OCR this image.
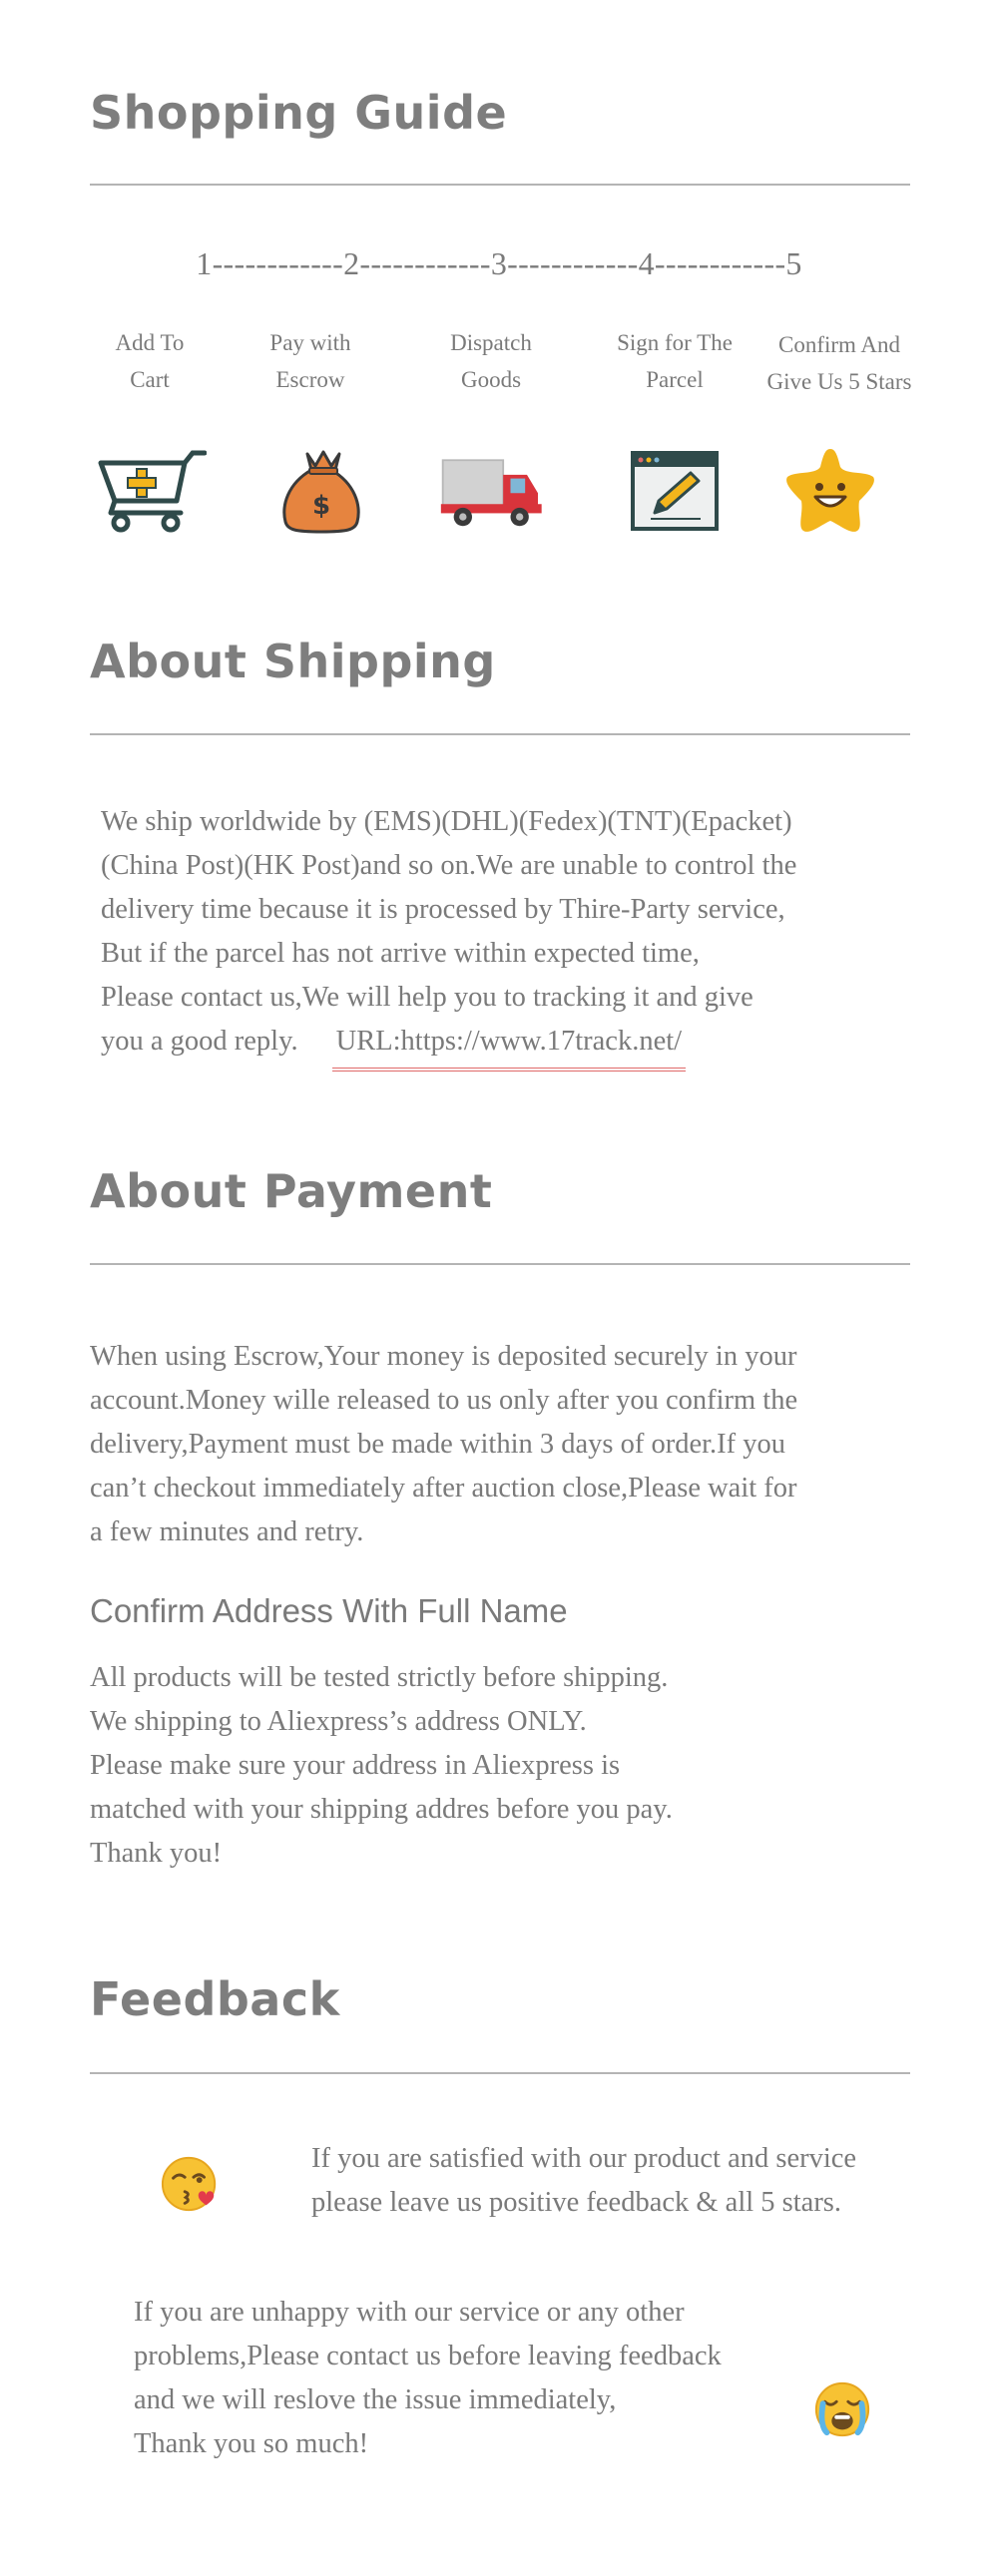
Shopping Guide
1------------2------------3------------4------------5
Add To
Cart
Pay with
Escrow
Dispatch
Goods
Sign for The
Parcel
Confirm And
Give Us 5 Stars
$
About Shipping
We ship worldwide by (EMS)(DHL)(Fedex)(TNT)(Epacket)
(China Post)(HK Post)and so on.We are unable to control the
delivery time because it is processed by Thire-Party service,
But if the parcel has not arrive within expected time,
Please contact us,We will help you to tracking it and give
you a good reply. URL:https://www.17track.net/
About Payment
When using Escrow,Your money is deposited securely in your
account.Money wille released to us only after you confirm the
delivery,Payment must be made within 3 days of order.If you
can’t checkout immediately after auction close,Please wait for
a few minutes and retry.
Confirm Address With Full Name
All products will be tested strictly before shipping.
We shipping to Aliexpress’s address ONLY.
Please make sure your address in Aliexpress is
matched with your shipping addres before you pay.
Thank you!
Feedback
If you are satisfied with our product and service
please leave us positive feedback & all 5 stars.
If you are unhappy with our service or any other
problems,Please contact us before leaving feedback
and we will reslove the issue immediately,
Thank you so much!
